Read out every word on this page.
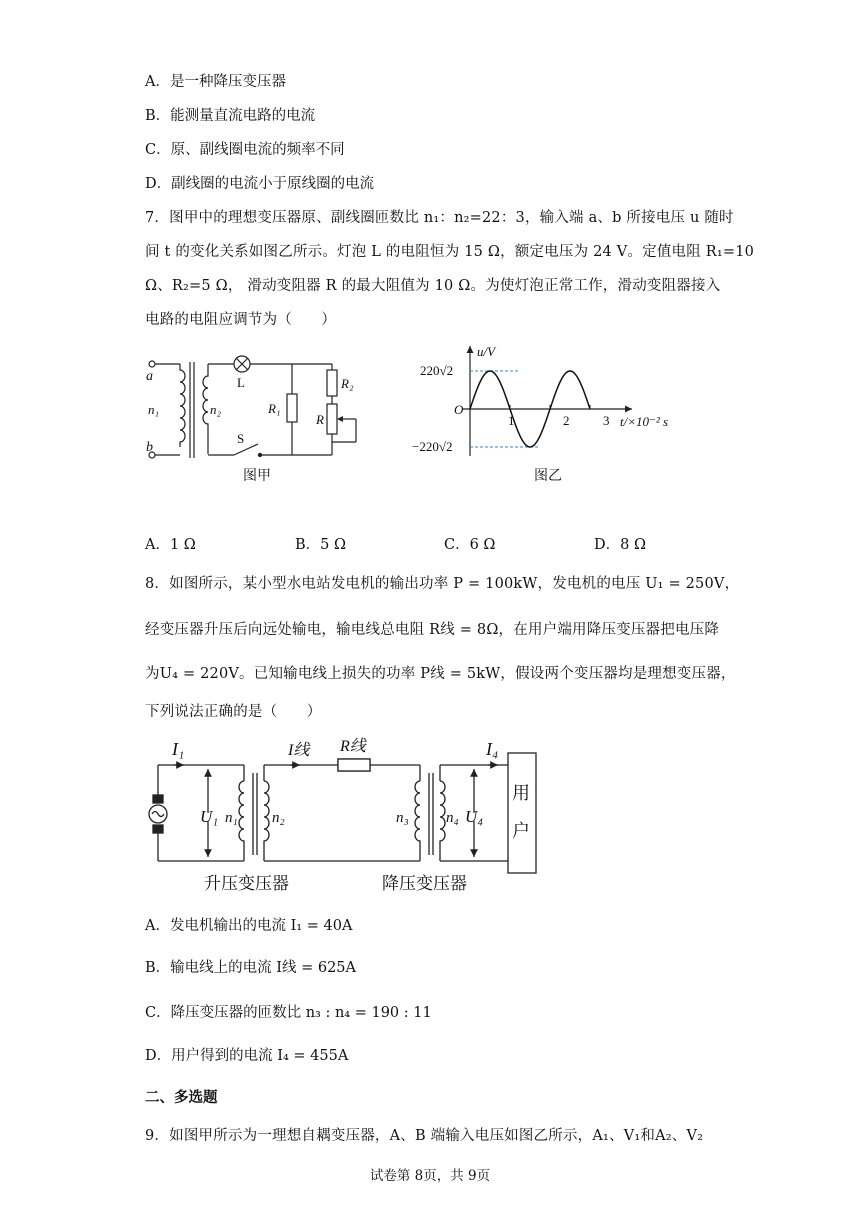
A．是一种降压变压器
B．能测量直流电路的电流
C．原、副线圈电流的频率不同
D．副线圈的电流小于原线圈的电流
7．图甲中的理想变压器原、副线圈匝数比 n₁：n₂=22：3，输入端 a、b 所接电压 u 随时
间 t 的变化关系如图乙所示。灯泡 L 的电阻恒为 15 Ω，额定电压为 24 V。定值电阻 R₁=10
Ω、R₂=5 Ω， 滑动变阻器 R 的最大阻值为 10 Ω。为使灯泡正常工作，滑动变阻器接入
电路的电阻应调节为（　　）
a
b
n₁	n₂
L
S
R₁
R₂
R
图甲
u/V
220√2
−220√2
O
1	2	3 t/×10⁻² s
图乙
A．1 Ω	B．5 Ω	C．6 Ω	D．8 Ω
8．如图所示，某小型水电站发电机的输出功率 P = 100kW，发电机的电压 U₁ = 250V，
经变压器升压后向远处输电，输电线总电阻 R线 = 8Ω，在用户端用降压变压器把电压降
为U₄ = 220V。已知输电线上损失的功率 P线 = 5kW，假设两个变压器均是理想变压器，
下列说法正确的是（　　）
I₁	I线 R线	I₄
U₁ n₁ n₂	n₃ n₄ U₄
用
户
升压变压器	降压变压器
A．发电机输出的电流 I₁ = 40A
B．输电线上的电流 I线 = 625A
C．降压变压器的匝数比 n₃ : n₄ = 190 : 11
D．用户得到的电流 I₄ = 455A
二、多选题
9．如图甲所示为一理想自耦变压器，A、B 端输入电压如图乙所示，A₁、V₁和A₂、V₂
试卷第 8页，共 9页
